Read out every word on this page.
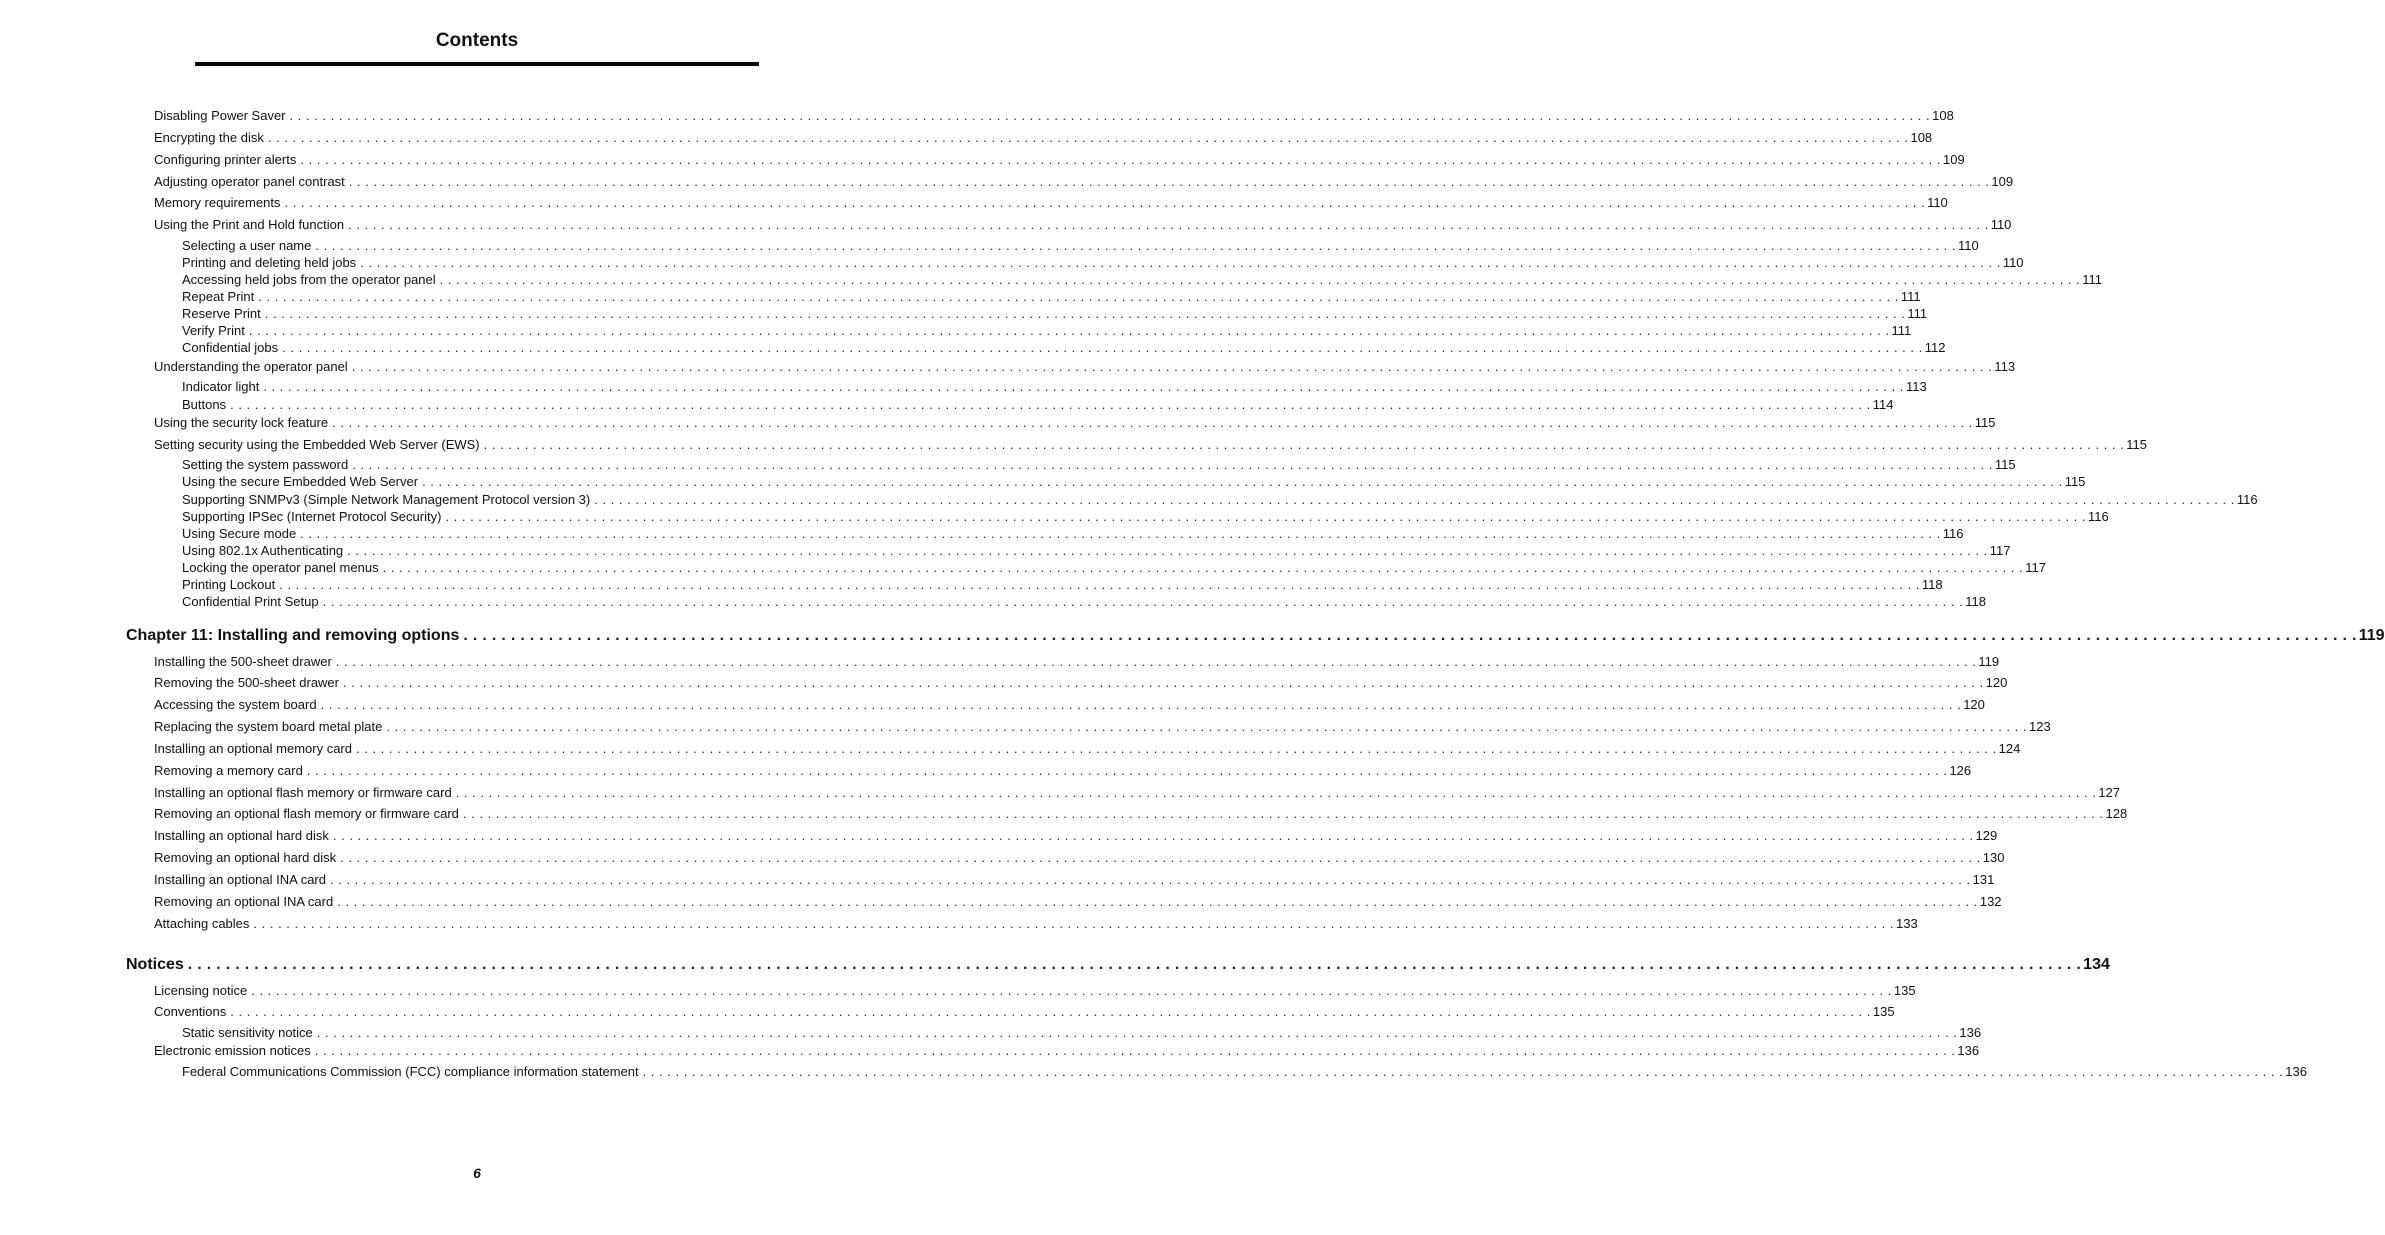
Contents
Disabling Power Saver . . . . . . . . . . . . . . . . . . . . . . . . . . . . . . . . . . . . . . . . . . . . . . . . . . . . . . . . . . . . . . . . . . . . . . . . . . . . . . . . . . . . . . . . . . . . . . . . . . . . . . . . . . . . . . . . . . . . . . . . . . . . . . . . . . . . . . . . . . . . . . . . . . . . . . . . . . . . . . . . . . . . . . . . . . . . . . . . . . . . . . . . . . . . . . . . . . . . . . . . 108
Encrypting the disk . . . . . . . . . . . . . . . . . . . . . . . . . . . . . . . . . . . . . . . . . . . . . . . . . . . . . . . . . . . . . . . . . . . . . . . . . . . . . . . . . . . . . . . . . . . . . . . . . . . . . . . . . . . . . . . . . . . . . . . . . . . . . . . . . . . . . . . . . . . . . . . . . . . . . . . . . . . . . . . . . . . . . . . . . . . . . . . . . . . . . . . . . . . . . . . . . . . . . . . . 108
Configuring printer alerts . . . . . . . . . . . . . . . . . . . . . . . . . . . . . . . . . . . . . . . . . . . . . . . . . . . . . . . . . . . . . . . . . . . . . . . . . . . . . . . . . . . . . . . . . . . . . . . . . . . . . . . . . . . . . . . . . . . . . . . . . . . . . . . . . . . . . . . . . . . . . . . . . . . . . . . . . . . . . . . . . . . . . . . . . . . . . . . . . . . . . . . . . . . . . . . . . . . . . . . . 109
Adjusting operator panel contrast . . . . . . . . . . . . . . . . . . . . . . . . . . . . . . . . . . . . . . . . . . . . . . . . . . . . . . . . . . . . . . . . . . . . . . . . . . . . . . . . . . . . . . . . . . . . . . . . . . . . . . . . . . . . . . . . . . . . . . . . . . . . . . . . . . . . . . . . . . . . . . . . . . . . . . . . . . . . . . . . . . . . . . . . . . . . . . . . . . . . . . . . . . . . . . . . . . . . . . . . 109
Memory requirements . . . . . . . . . . . . . . . . . . . . . . . . . . . . . . . . . . . . . . . . . . . . . . . . . . . . . . . . . . . . . . . . . . . . . . . . . . . . . . . . . . . . . . . . . . . . . . . . . . . . . . . . . . . . . . . . . . . . . . . . . . . . . . . . . . . . . . . . . . . . . . . . . . . . . . . . . . . . . . . . . . . . . . . . . . . . . . . . . . . . . . . . . . . . . . . . . . . . . . . . 110
Using the Print and Hold function . . . . . . . . . . . . . . . . . . . . . . . . . . . . . . . . . . . . . . . . . . . . . . . . . . . . . . . . . . . . . . . . . . . . . . . . . . . . . . . . . . . . . . . . . . . . . . . . . . . . . . . . . . . . . . . . . . . . . . . . . . . . . . . . . . . . . . . . . . . . . . . . . . . . . . . . . . . . . . . . . . . . . . . . . . . . . . . . . . . . . . . . . . . . . . . . . . . . . . . . 110
Selecting a user name . . . . . . . . . . . . . . . . . . . . . . . . . . . . . . . . . . . . . . . . . . . . . . . . . . . . . . . . . . . . . . . . . . . . . . . . . . . . . . . . . . . . . . . . . . . . . . . . . . . . . . . . . . . . . . . . . . . . . . . . . . . . . . . . . . . . . . . . . . . . . . . . . . . . . . . . . . . . . . . . . . . . . . . . . . . . . . . . . . . . . . . . . . . . . . . . . . . . . . . . 110
Printing and deleting held jobs . . . . . . . . . . . . . . . . . . . . . . . . . . . . . . . . . . . . . . . . . . . . . . . . . . . . . . . . . . . . . . . . . . . . . . . . . . . . . . . . . . . . . . . . . . . . . . . . . . . . . . . . . . . . . . . . . . . . . . . . . . . . . . . . . . . . . . . . . . . . . . . . . . . . . . . . . . . . . . . . . . . . . . . . . . . . . . . . . . . . . . . . . . . . . . . . . . . . . . . . 110
Accessing held jobs from the operator panel . . . . . . . . . . . . . . . . . . . . . . . . . . . . . . . . . . . . . . . . . . . . . . . . . . . . . . . . . . . . . . . . . . . . . . . . . . . . . . . . . . . . . . . . . . . . . . . . . . . . . . . . . . . . . . . . . . . . . . . . . . . . . . . . . . . . . . . . . . . . . . . . . . . . . . . . . . . . . . . . . . . . . . . . . . . . . . . . . . . . . . . . . . . . . . . . . . . . . . . . 111
Repeat Print . . . . . . . . . . . . . . . . . . . . . . . . . . . . . . . . . . . . . . . . . . . . . . . . . . . . . . . . . . . . . . . . . . . . . . . . . . . . . . . . . . . . . . . . . . . . . . . . . . . . . . . . . . . . . . . . . . . . . . . . . . . . . . . . . . . . . . . . . . . . . . . . . . . . . . . . . . . . . . . . . . . . . . . . . . . . . . . . . . . . . . . . . . . . . . . . . . . . . . . . 111
Reserve Print . . . . . . . . . . . . . . . . . . . . . . . . . . . . . . . . . . . . . . . . . . . . . . . . . . . . . . . . . . . . . . . . . . . . . . . . . . . . . . . . . . . . . . . . . . . . . . . . . . . . . . . . . . . . . . . . . . . . . . . . . . . . . . . . . . . . . . . . . . . . . . . . . . . . . . . . . . . . . . . . . . . . . . . . . . . . . . . . . . . . . . . . . . . . . . . . . . . . . . . . 111
Verify Print . . . . . . . . . . . . . . . . . . . . . . . . . . . . . . . . . . . . . . . . . . . . . . . . . . . . . . . . . . . . . . . . . . . . . . . . . . . . . . . . . . . . . . . . . . . . . . . . . . . . . . . . . . . . . . . . . . . . . . . . . . . . . . . . . . . . . . . . . . . . . . . . . . . . . . . . . . . . . . . . . . . . . . . . . . . . . . . . . . . . . . . . . . . . . . . . . . . . . . . . 111
Confidential jobs . . . . . . . . . . . . . . . . . . . . . . . . . . . . . . . . . . . . . . . . . . . . . . . . . . . . . . . . . . . . . . . . . . . . . . . . . . . . . . . . . . . . . . . . . . . . . . . . . . . . . . . . . . . . . . . . . . . . . . . . . . . . . . . . . . . . . . . . . . . . . . . . . . . . . . . . . . . . . . . . . . . . . . . . . . . . . . . . . . . . . . . . . . . . . . . . . . . . . . . . 112
Understanding the operator panel . . . . . . . . . . . . . . . . . . . . . . . . . . . . . . . . . . . . . . . . . . . . . . . . . . . . . . . . . . . . . . . . . . . . . . . . . . . . . . . . . . . . . . . . . . . . . . . . . . . . . . . . . . . . . . . . . . . . . . . . . . . . . . . . . . . . . . . . . . . . . . . . . . . . . . . . . . . . . . . . . . . . . . . . . . . . . . . . . . . . . . . . . . . . . . . . . . . . . . . . 113
Indicator light . . . . . . . . . . . . . . . . . . . . . . . . . . . . . . . . . . . . . . . . . . . . . . . . . . . . . . . . . . . . . . . . . . . . . . . . . . . . . . . . . . . . . . . . . . . . . . . . . . . . . . . . . . . . . . . . . . . . . . . . . . . . . . . . . . . . . . . . . . . . . . . . . . . . . . . . . . . . . . . . . . . . . . . . . . . . . . . . . . . . . . . . . . . . . . . . . . . . . . . . 113
Buttons . . . . . . . . . . . . . . . . . . . . . . . . . . . . . . . . . . . . . . . . . . . . . . . . . . . . . . . . . . . . . . . . . . . . . . . . . . . . . . . . . . . . . . . . . . . . . . . . . . . . . . . . . . . . . . . . . . . . . . . . . . . . . . . . . . . . . . . . . . . . . . . . . . . . . . . . . . . . . . . . . . . . . . . . . . . . . . . . . . . . . . . . . . . . . . . . . . . . . . . . 114
Using the security lock feature . . . . . . . . . . . . . . . . . . . . . . . . . . . . . . . . . . . . . . . . . . . . . . . . . . . . . . . . . . . . . . . . . . . . . . . . . . . . . . . . . . . . . . . . . . . . . . . . . . . . . . . . . . . . . . . . . . . . . . . . . . . . . . . . . . . . . . . . . . . . . . . . . . . . . . . . . . . . . . . . . . . . . . . . . . . . . . . . . . . . . . . . . . . . . . . . . . . . . . . . 115
Setting security using the Embedded Web Server (EWS) . . . . . . . . . . . . . . . . . . . . . . . . . . . . . . . . . . . . . . . . . . . . . . . . . . . . . . . . . . . . . . . . . . . . . . . . . . . . . . . . . . . . . . . . . . . . . . . . . . . . . . . . . . . . . . . . . . . . . . . . . . . . . . . . . . . . . . . . . . . . . . . . . . . . . . . . . . . . . . . . . . . . . . . . . . . . . . . . . . . . . . . . . . . . . . . . . . . . . . . . 115
Setting the system password . . . . . . . . . . . . . . . . . . . . . . . . . . . . . . . . . . . . . . . . . . . . . . . . . . . . . . . . . . . . . . . . . . . . . . . . . . . . . . . . . . . . . . . . . . . . . . . . . . . . . . . . . . . . . . . . . . . . . . . . . . . . . . . . . . . . . . . . . . . . . . . . . . . . . . . . . . . . . . . . . . . . . . . . . . . . . . . . . . . . . . . . . . . . . . . . . . . . . . . . 115
Using the secure Embedded Web Server . . . . . . . . . . . . . . . . . . . . . . . . . . . . . . . . . . . . . . . . . . . . . . . . . . . . . . . . . . . . . . . . . . . . . . . . . . . . . . . . . . . . . . . . . . . . . . . . . . . . . . . . . . . . . . . . . . . . . . . . . . . . . . . . . . . . . . . . . . . . . . . . . . . . . . . . . . . . . . . . . . . . . . . . . . . . . . . . . . . . . . . . . . . . . . . . . . . . . . . . 115
Supporting SNMPv3 (Simple Network Management Protocol version 3) . . . . . . . . . . . . . . . . . . . . . . . . . . . . . . . . . . . . . . . . . . . . . . . . . . . . . . . . . . . . . . . . . . . . . . . . . . . . . . . . . . . . . . . . . . . . . . . . . . . . . . . . . . . . . . . . . . . . . . . . . . . . . . . . . . . . . . . . . . . . . . . . . . . . . . . . . . . . . . . . . . . . . . . . . . . . . . . . . . . . . . . . . . . . . . . . . . . . . . . . 116
Supporting IPSec (Internet Protocol Security) . . . . . . . . . . . . . . . . . . . . . . . . . . . . . . . . . . . . . . . . . . . . . . . . . . . . . . . . . . . . . . . . . . . . . . . . . . . . . . . . . . . . . . . . . . . . . . . . . . . . . . . . . . . . . . . . . . . . . . . . . . . . . . . . . . . . . . . . . . . . . . . . . . . . . . . . . . . . . . . . . . . . . . . . . . . . . . . . . . . . . . . . . . . . . . . . . . . . . . . . 116
Using Secure mode . . . . . . . . . . . . . . . . . . . . . . . . . . . . . . . . . . . . . . . . . . . . . . . . . . . . . . . . . . . . . . . . . . . . . . . . . . . . . . . . . . . . . . . . . . . . . . . . . . . . . . . . . . . . . . . . . . . . . . . . . . . . . . . . . . . . . . . . . . . . . . . . . . . . . . . . . . . . . . . . . . . . . . . . . . . . . . . . . . . . . . . . . . . . . . . . . . . . . . . . 116
Using 802.1x Authenticating . . . . . . . . . . . . . . . . . . . . . . . . . . . . . . . . . . . . . . . . . . . . . . . . . . . . . . . . . . . . . . . . . . . . . . . . . . . . . . . . . . . . . . . . . . . . . . . . . . . . . . . . . . . . . . . . . . . . . . . . . . . . . . . . . . . . . . . . . . . . . . . . . . . . . . . . . . . . . . . . . . . . . . . . . . . . . . . . . . . . . . . . . . . . . . . . . . . . . . . . 117
Locking the operator panel menus . . . . . . . . . . . . . . . . . . . . . . . . . . . . . . . . . . . . . . . . . . . . . . . . . . . . . . . . . . . . . . . . . . . . . . . . . . . . . . . . . . . . . . . . . . . . . . . . . . . . . . . . . . . . . . . . . . . . . . . . . . . . . . . . . . . . . . . . . . . . . . . . . . . . . . . . . . . . . . . . . . . . . . . . . . . . . . . . . . . . . . . . . . . . . . . . . . . . . . . . 117
Printing Lockout . . . . . . . . . . . . . . . . . . . . . . . . . . . . . . . . . . . . . . . . . . . . . . . . . . . . . . . . . . . . . . . . . . . . . . . . . . . . . . . . . . . . . . . . . . . . . . . . . . . . . . . . . . . . . . . . . . . . . . . . . . . . . . . . . . . . . . . . . . . . . . . . . . . . . . . . . . . . . . . . . . . . . . . . . . . . . . . . . . . . . . . . . . . . . . . . . . . . . . . . 118
Confidential Print Setup . . . . . . . . . . . . . . . . . . . . . . . . . . . . . . . . . . . . . . . . . . . . . . . . . . . . . . . . . . . . . . . . . . . . . . . . . . . . . . . . . . . . . . . . . . . . . . . . . . . . . . . . . . . . . . . . . . . . . . . . . . . . . . . . . . . . . . . . . . . . . . . . . . . . . . . . . . . . . . . . . . . . . . . . . . . . . . . . . . . . . . . . . . . . . . . . . . . . . . . . 118
Chapter 11: Installing and removing options . . . . . . . . . . . . . . . . . . . . . . . . . . . . . . . . . . . . . . . . . . . . . . . . . . . . . . . . . . . . . . . . . . . . . . . . . . . . . . . . . . . . . . . . . . . . . . . . . . . . . . . . . . . . . . . . . . . . . . . . . . . . . . . . . . . . . . . . . . . . . . . . . . . . . . . . . . . . . . . . . . . . . . . . . . . . . . . . . . . . . . . . . . . . . . . . . . . . . . . . 119
Installing the 500-sheet drawer . . . . . . . . . . . . . . . . . . . . . . . . . . . . . . . . . . . . . . . . . . . . . . . . . . . . . . . . . . . . . . . . . . . . . . . . . . . . . . . . . . . . . . . . . . . . . . . . . . . . . . . . . . . . . . . . . . . . . . . . . . . . . . . . . . . . . . . . . . . . . . . . . . . . . . . . . . . . . . . . . . . . . . . . . . . . . . . . . . . . . . . . . . . . . . . . . . . . . . . . 119
Removing the 500-sheet drawer . . . . . . . . . . . . . . . . . . . . . . . . . . . . . . . . . . . . . . . . . . . . . . . . . . . . . . . . . . . . . . . . . . . . . . . . . . . . . . . . . . . . . . . . . . . . . . . . . . . . . . . . . . . . . . . . . . . . . . . . . . . . . . . . . . . . . . . . . . . . . . . . . . . . . . . . . . . . . . . . . . . . . . . . . . . . . . . . . . . . . . . . . . . . . . . . . . . . . . . . 120
Accessing the system board . . . . . . . . . . . . . . . . . . . . . . . . . . . . . . . . . . . . . . . . . . . . . . . . . . . . . . . . . . . . . . . . . . . . . . . . . . . . . . . . . . . . . . . . . . . . . . . . . . . . . . . . . . . . . . . . . . . . . . . . . . . . . . . . . . . . . . . . . . . . . . . . . . . . . . . . . . . . . . . . . . . . . . . . . . . . . . . . . . . . . . . . . . . . . . . . . . . . . . . . 120
Replacing the system board metal plate . . . . . . . . . . . . . . . . . . . . . . . . . . . . . . . . . . . . . . . . . . . . . . . . . . . . . . . . . . . . . . . . . . . . . . . . . . . . . . . . . . . . . . . . . . . . . . . . . . . . . . . . . . . . . . . . . . . . . . . . . . . . . . . . . . . . . . . . . . . . . . . . . . . . . . . . . . . . . . . . . . . . . . . . . . . . . . . . . . . . . . . . . . . . . . . . . . . . . . . . 123
Installing an optional memory card . . . . . . . . . . . . . . . . . . . . . . . . . . . . . . . . . . . . . . . . . . . . . . . . . . . . . . . . . . . . . . . . . . . . . . . . . . . . . . . . . . . . . . . . . . . . . . . . . . . . . . . . . . . . . . . . . . . . . . . . . . . . . . . . . . . . . . . . . . . . . . . . . . . . . . . . . . . . . . . . . . . . . . . . . . . . . . . . . . . . . . . . . . . . . . . . . . . . . . . . 124
Removing a memory card . . . . . . . . . . . . . . . . . . . . . . . . . . . . . . . . . . . . . . . . . . . . . . . . . . . . . . . . . . . . . . . . . . . . . . . . . . . . . . . . . . . . . . . . . . . . . . . . . . . . . . . . . . . . . . . . . . . . . . . . . . . . . . . . . . . . . . . . . . . . . . . . . . . . . . . . . . . . . . . . . . . . . . . . . . . . . . . . . . . . . . . . . . . . . . . . . . . . . . . . 126
Installing an optional flash memory or firmware card . . . . . . . . . . . . . . . . . . . . . . . . . . . . . . . . . . . . . . . . . . . . . . . . . . . . . . . . . . . . . . . . . . . . . . . . . . . . . . . . . . . . . . . . . . . . . . . . . . . . . . . . . . . . . . . . . . . . . . . . . . . . . . . . . . . . . . . . . . . . . . . . . . . . . . . . . . . . . . . . . . . . . . . . . . . . . . . . . . . . . . . . . . . . . . . . . . . . . . . . 127
Removing an optional flash memory or firmware card . . . . . . . . . . . . . . . . . . . . . . . . . . . . . . . . . . . . . . . . . . . . . . . . . . . . . . . . . . . . . . . . . . . . . . . . . . . . . . . . . . . . . . . . . . . . . . . . . . . . . . . . . . . . . . . . . . . . . . . . . . . . . . . . . . . . . . . . . . . . . . . . . . . . . . . . . . . . . . . . . . . . . . . . . . . . . . . . . . . . . . . . . . . . . . . . . . . . . . . . 128
Installing an optional hard disk . . . . . . . . . . . . . . . . . . . . . . . . . . . . . . . . . . . . . . . . . . . . . . . . . . . . . . . . . . . . . . . . . . . . . . . . . . . . . . . . . . . . . . . . . . . . . . . . . . . . . . . . . . . . . . . . . . . . . . . . . . . . . . . . . . . . . . . . . . . . . . . . . . . . . . . . . . . . . . . . . . . . . . . . . . . . . . . . . . . . . . . . . . . . . . . . . . . . . . . . 129
Removing an optional hard disk . . . . . . . . . . . . . . . . . . . . . . . . . . . . . . . . . . . . . . . . . . . . . . . . . . . . . . . . . . . . . . . . . . . . . . . . . . . . . . . . . . . . . . . . . . . . . . . . . . . . . . . . . . . . . . . . . . . . . . . . . . . . . . . . . . . . . . . . . . . . . . . . . . . . . . . . . . . . . . . . . . . . . . . . . . . . . . . . . . . . . . . . . . . . . . . . . . . . . . . . 130
Installing an optional INA card . . . . . . . . . . . . . . . . . . . . . . . . . . . . . . . . . . . . . . . . . . . . . . . . . . . . . . . . . . . . . . . . . . . . . . . . . . . . . . . . . . . . . . . . . . . . . . . . . . . . . . . . . . . . . . . . . . . . . . . . . . . . . . . . . . . . . . . . . . . . . . . . . . . . . . . . . . . . . . . . . . . . . . . . . . . . . . . . . . . . . . . . . . . . . . . . . . . . . . . . 131
Removing an optional INA card . . . . . . . . . . . . . . . . . . . . . . . . . . . . . . . . . . . . . . . . . . . . . . . . . . . . . . . . . . . . . . . . . . . . . . . . . . . . . . . . . . . . . . . . . . . . . . . . . . . . . . . . . . . . . . . . . . . . . . . . . . . . . . . . . . . . . . . . . . . . . . . . . . . . . . . . . . . . . . . . . . . . . . . . . . . . . . . . . . . . . . . . . . . . . . . . . . . . . . . . 132
Attaching cables . . . . . . . . . . . . . . . . . . . . . . . . . . . . . . . . . . . . . . . . . . . . . . . . . . . . . . . . . . . . . . . . . . . . . . . . . . . . . . . . . . . . . . . . . . . . . . . . . . . . . . . . . . . . . . . . . . . . . . . . . . . . . . . . . . . . . . . . . . . . . . . . . . . . . . . . . . . . . . . . . . . . . . . . . . . . . . . . . . . . . . . . . . . . . . . . . . . . . . . . 133
Notices . . . . . . . . . . . . . . . . . . . . . . . . . . . . . . . . . . . . . . . . . . . . . . . . . . . . . . . . . . . . . . . . . . . . . . . . . . . . . . . . . . . . . . . . . . . . . . . . . . . . . . . . . . . . . . . . . . . . . . . . . . . . . . . . . . . . . . . . . . . . . . . . . . . . . . . . . . . . . . . . . . . . . . . . . . . . . . . . . . . . . . . . . . . . . . . . . . . . . . . . 134
Licensing notice . . . . . . . . . . . . . . . . . . . . . . . . . . . . . . . . . . . . . . . . . . . . . . . . . . . . . . . . . . . . . . . . . . . . . . . . . . . . . . . . . . . . . . . . . . . . . . . . . . . . . . . . . . . . . . . . . . . . . . . . . . . . . . . . . . . . . . . . . . . . . . . . . . . . . . . . . . . . . . . . . . . . . . . . . . . . . . . . . . . . . . . . . . . . . . . . . . . . . . . . 135
Conventions . . . . . . . . . . . . . . . . . . . . . . . . . . . . . . . . . . . . . . . . . . . . . . . . . . . . . . . . . . . . . . . . . . . . . . . . . . . . . . . . . . . . . . . . . . . . . . . . . . . . . . . . . . . . . . . . . . . . . . . . . . . . . . . . . . . . . . . . . . . . . . . . . . . . . . . . . . . . . . . . . . . . . . . . . . . . . . . . . . . . . . . . . . . . . . . . . . . . . . . . 135
Static sensitivity notice . . . . . . . . . . . . . . . . . . . . . . . . . . . . . . . . . . . . . . . . . . . . . . . . . . . . . . . . . . . . . . . . . . . . . . . . . . . . . . . . . . . . . . . . . . . . . . . . . . . . . . . . . . . . . . . . . . . . . . . . . . . . . . . . . . . . . . . . . . . . . . . . . . . . . . . . . . . . . . . . . . . . . . . . . . . . . . . . . . . . . . . . . . . . . . . . . . . . . . . . 136
Electronic emission notices . . . . . . . . . . . . . . . . . . . . . . . . . . . . . . . . . . . . . . . . . . . . . . . . . . . . . . . . . . . . . . . . . . . . . . . . . . . . . . . . . . . . . . . . . . . . . . . . . . . . . . . . . . . . . . . . . . . . . . . . . . . . . . . . . . . . . . . . . . . . . . . . . . . . . . . . . . . . . . . . . . . . . . . . . . . . . . . . . . . . . . . . . . . . . . . . . . . . . . . . 136
Federal Communications Commission (FCC) compliance information statement . . . . . . . . . . . . . . . . . . . . . . . . . . . . . . . . . . . . . . . . . . . . . . . . . . . . . . . . . . . . . . . . . . . . . . . . . . . . . . . . . . . . . . . . . . . . . . . . . . . . . . . . . . . . . . . . . . . . . . . . . . . . . . . . . . . . . . . . . . . . . . . . . . . . . . . . . . . . . . . . . . . . . . . . . . . . . . . . . . . . . . . . . . . . . . . . . . . . . . . . 136
6
